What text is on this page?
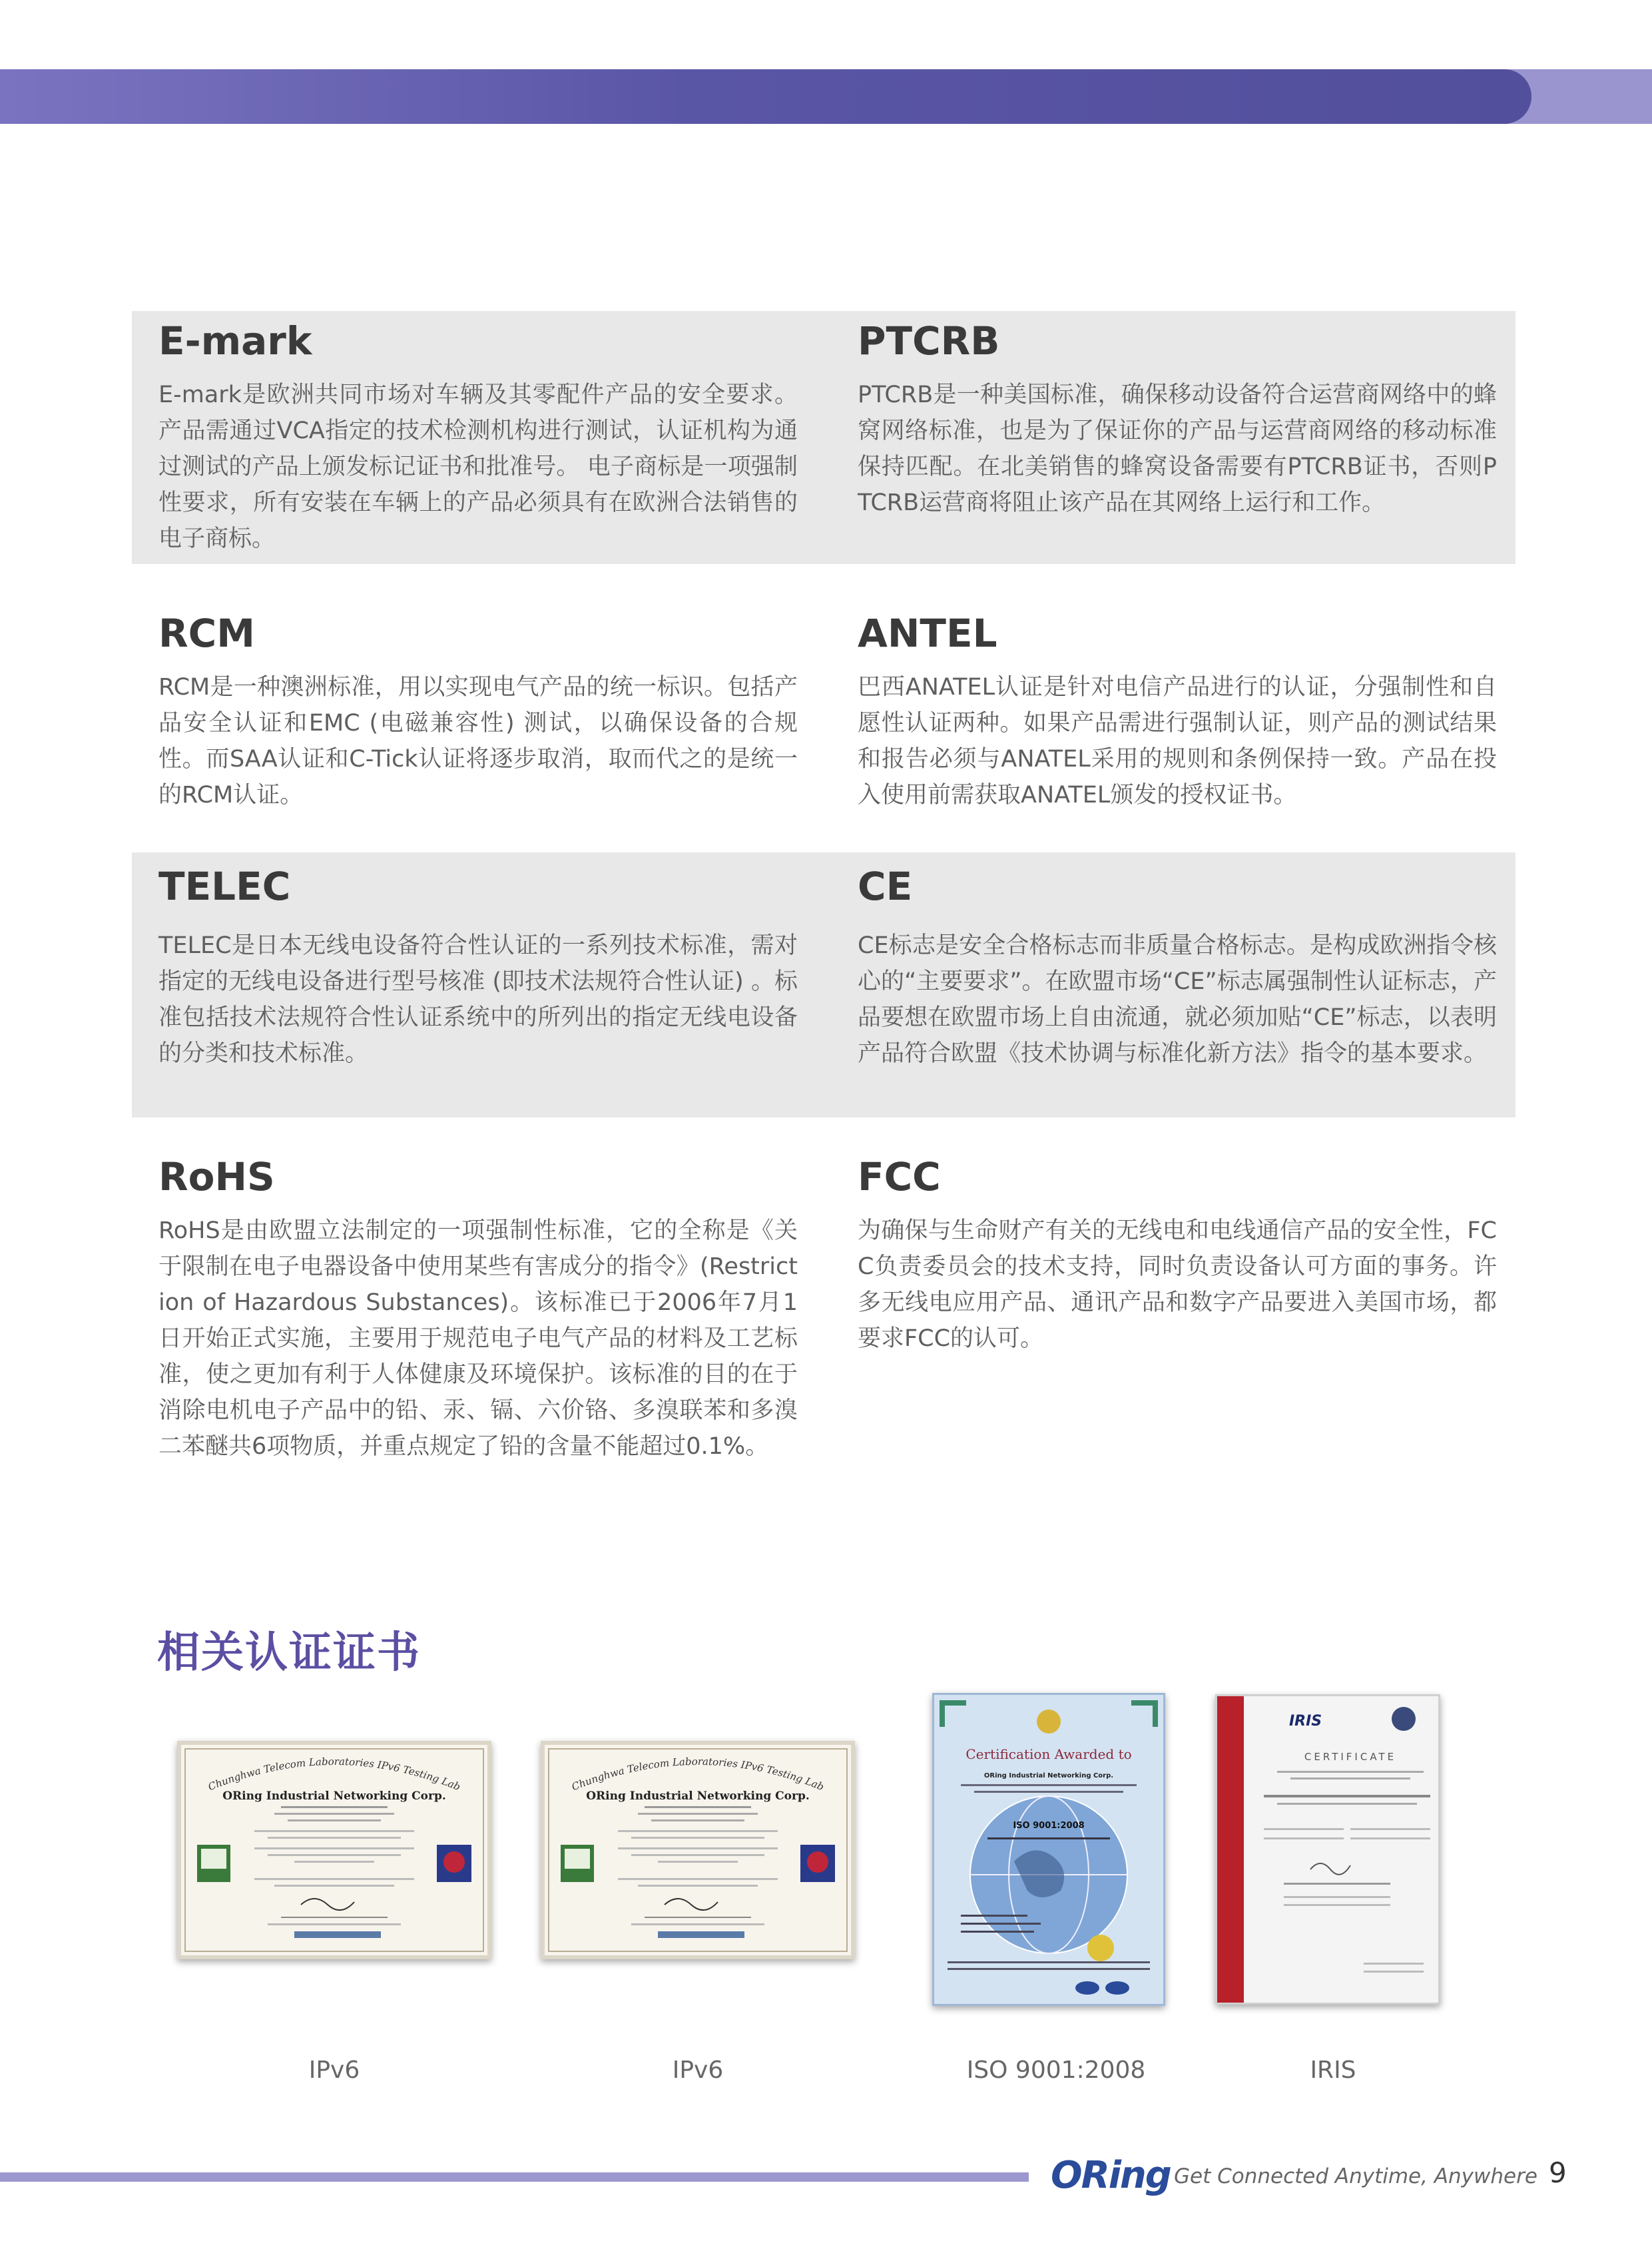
E-mark

E-mark是欧洲共同市场对车辆及其零配件产品的安全要求。产品需通过VCA指定的技术检测机构进行测试，认证机构为通过测试的产品上颁发标记证书和批准号。 电子商标是一项强制性要求，所有安装在车辆上的产品必须具有在欧洲合法销售的电子商标。

PTCRB

PTCRB是一种美国标准，确保移动设备符合运营商网络中的蜂窝网络标准，也是为了保证你的产品与运营商网络的移动标准保持匹配。在北美销售的蜂窝设备需要有PTCRB证书，否则PTCRB运营商将阻止该产品在其网络上运行和工作。

RCM

RCM是一种澳洲标准，用以实现电气产品的统一标识。包括产品安全认证和EMC (电磁兼容性) 测试，以确保设备的合规性。而SAA认证和C-Tick认证将逐步取消，取而代之的是统一的RCM认证。

ANTEL

巴西ANATEL认证是针对电信产品进行的认证，分强制性和自愿性认证两种。如果产品需进行强制认证，则产品的测试结果和报告必须与ANATEL采用的规则和条例保持一致。产品在投入使用前需获取ANATEL颁发的授权证书。

TELEC

TELEC是日本无线电设备符合性认证的一系列技术标准，需对指定的无线电设备进行型号核准 (即技术法规符合性认证) 。标准包括技术法规符合性认证系统中的所列出的指定无线电设备的分类和技术标准。

CE

CE标志是安全合格标志而非质量合格标志。是构成欧洲指令核心的“主要要求”。在欧盟市场“CE”标志属强制性认证标志，产品要想在欧盟市场上自由流通，就必须加贴“CE”标志，以表明产品符合欧盟《技术协调与标准化新方法》指令的基本要求。

RoHS

RoHS是由欧盟立法制定的一项强制性标准，它的全称是《关于限制在电子电器设备中使用某些有害成分的指令》(Restriction of Hazardous Substances)。该标准已于2006年7月1日开始正式实施，主要用于规范电子电气产品的材料及工艺标准，使之更加有利于人体健康及环境保护。该标准的目的在于消除电机电子产品中的铅、汞、镉、六价铬、多溴联苯和多溴二苯醚共6项物质，并重点规定了铅的含量不能超过0.1%。

FCC

为确保与生命财产有关的无线电和电线通信产品的安全性，FCC负责委员会的技术支持，同时负责设备认可方面的事务。许多无线电应用产品、通讯产品和数字产品要进入美国市场，都要求FCC的认可。

相关认证证书
Chunghwa Telecom Laboratories IPv6 Testing Lab
ORing Industrial Networking Corp.
IPv6
Chunghwa Telecom Laboratories IPv6 Testing Lab
ORing Industrial Networking Corp.
IPv6
Certification Awarded to
ORing Industrial Networking Corp.
ISO 9001:2008
ISO 9001:2008
IRIS
CERTIFICATE
IRIS
ORing Get Connected Anytime, Anywhere 9
